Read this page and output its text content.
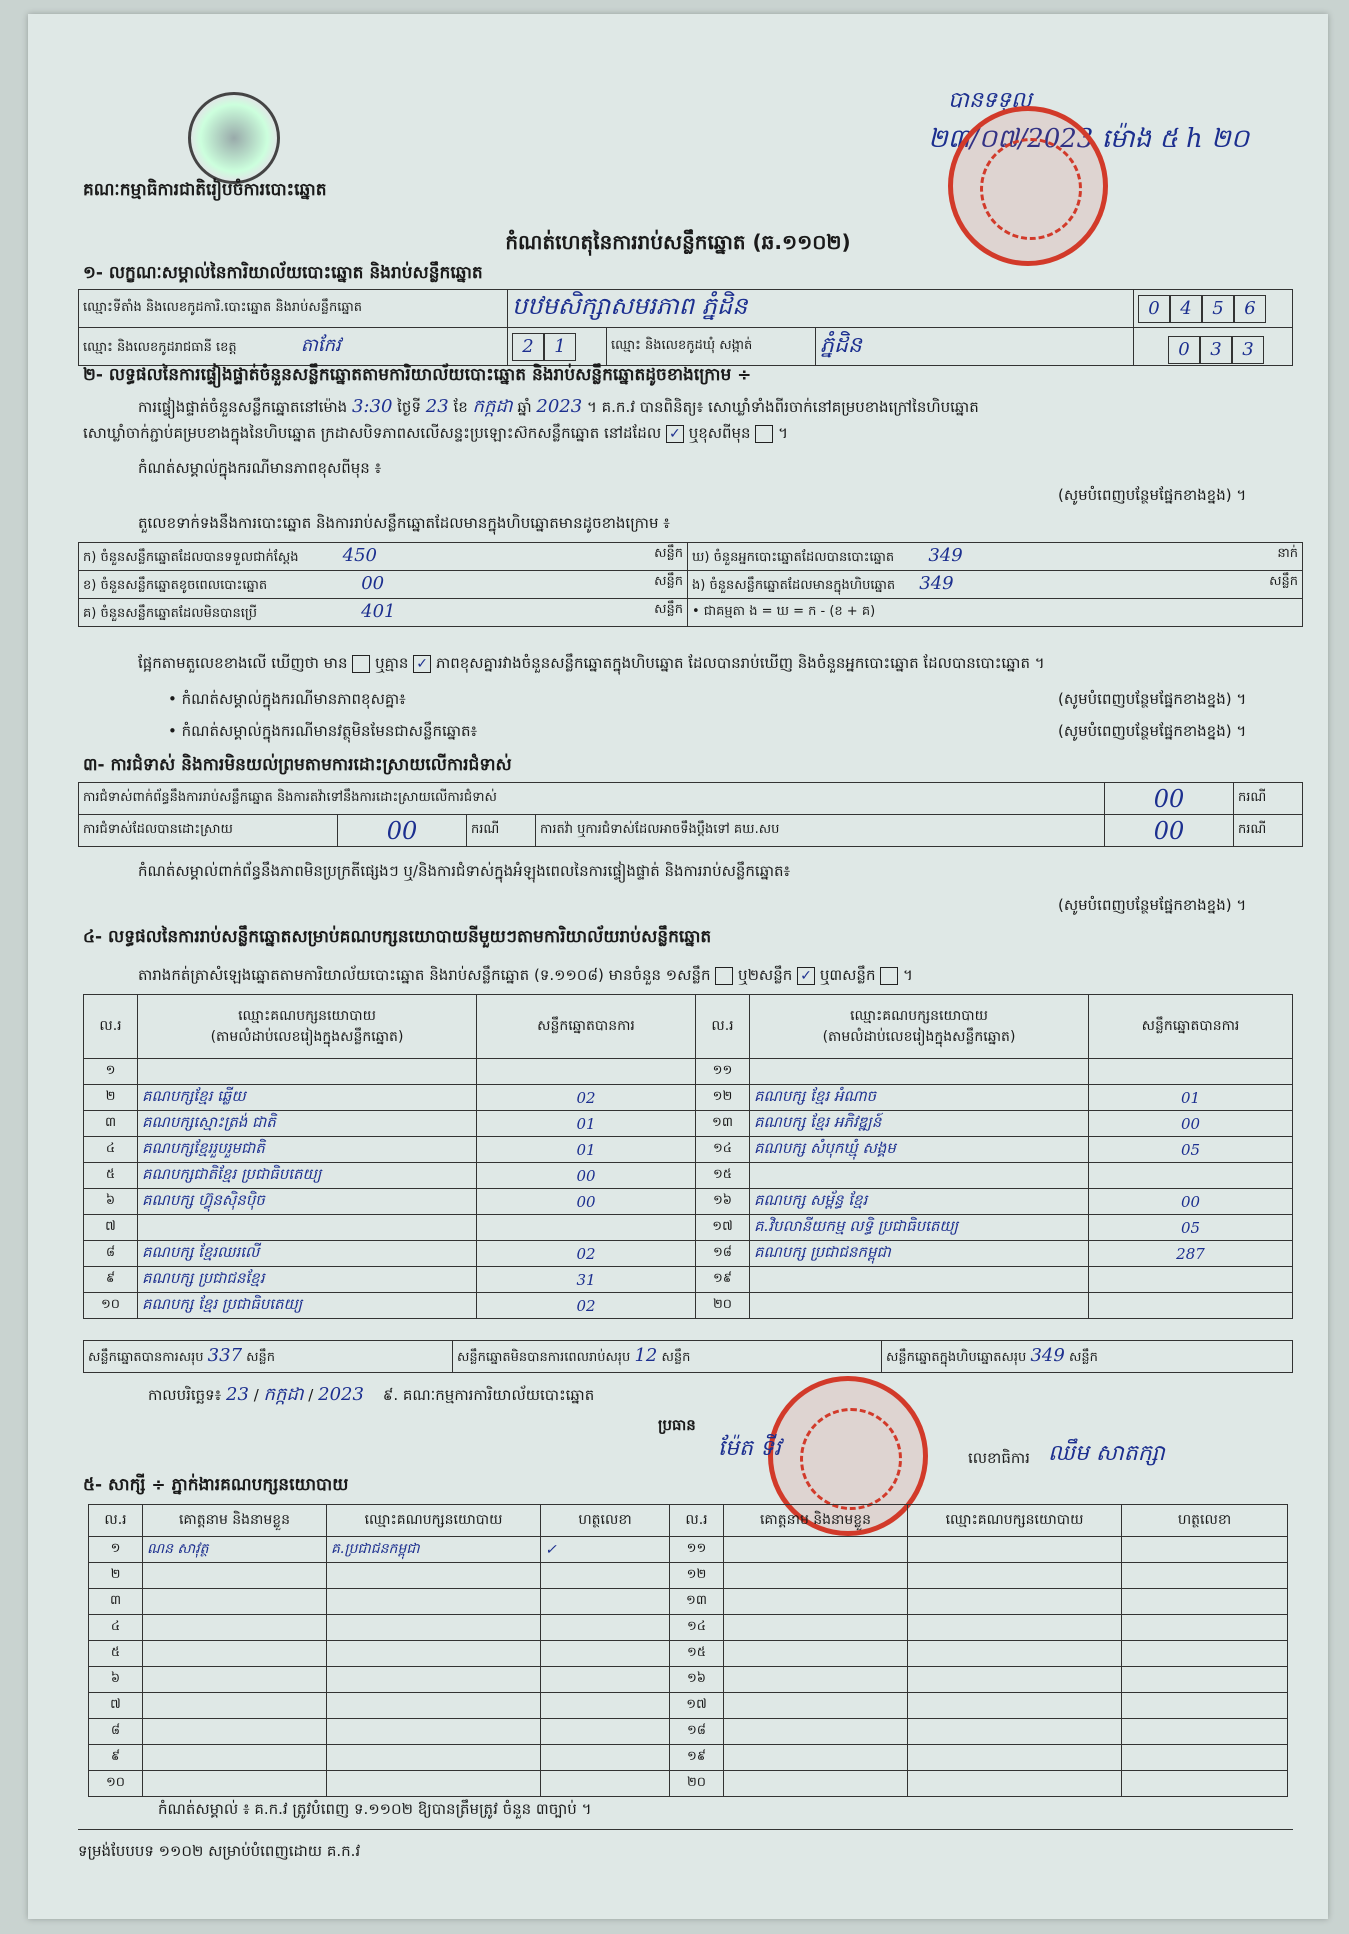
គណៈកម្មាធិការជាតិរៀបចំការបោះឆ្នោត
បានទទួល
២៣/០៧/2023 ម៉ោង ៥ h ២០
កំណត់ហេតុនៃការរាប់សន្លឹកឆ្នោត (ឆ.១១០២)
១- លក្ខណៈសម្គាល់នៃការិយាល័យបោះឆ្នោត និងរាប់សន្លឹកឆ្នោត
ឈ្មោះទីតាំង និងលេខកូដការិ.បោះឆ្នោត និងរាប់សន្លឹកឆ្នោត	បឋមសិក្សាសមរភាព ភ្នំដិន			0 4 5 6
ឈ្មោះ និងលេខកូដរាជធានី ខេត្ត តាកែវ	2 1	ឈ្មោះ និងលេខកូដឃុំ សង្កាត់	ភ្នំដិន	0 3 3
២- លទ្ធផលនៃការផ្ទៀងផ្ទាត់ចំនួនសន្លឹកឆ្នោតតាមការិយាល័យបោះឆ្នោត និងរាប់សន្លឹកឆ្នោតដូចខាងក្រោម ÷
ការផ្ទៀងផ្ទាត់ចំនួនសន្លឹកឆ្នោតនៅម៉ោង 3:30 ថ្ងៃទី 23 ខែ កក្កដា ឆ្នាំ 2023 ។ គ.ក.វ បានពិនិត្យ៖ សោឃ្លាំទាំងពីរចាក់នៅគម្របខាងក្រៅនៃហិបឆ្នោត
សោឃ្លាំចាក់ភ្ជាប់គម្របខាងក្នុងនៃហិបឆ្នោត ក្រដាសបិទភាពសលើសន្ទះប្រឡោះស៊កសន្លឹកឆ្នោត នៅដដែល ✓ ឬខុសពីមុន  ។
កំណត់សម្គាល់ក្នុងករណីមានភាពខុសពីមុន ៖
(សូមបំពេញបន្ថែមផ្នែកខាងខ្នង) ។
តួលេខទាក់ទងនឹងការបោះឆ្នោត និងការរាប់សន្លឹកឆ្នោតដែលមានក្នុងហិបឆ្នោតមានដូចខាងក្រោម ៖
ក) ចំនួនសន្លឹកឆ្នោតដែលបានទទួលជាក់ស្តែង 450 សន្លឹក	ឃ) ចំនួនអ្នកបោះឆ្នោតដែលបានបោះឆ្នោត 349 នាក់

ខ) ចំនួនសន្លឹកឆ្នោតខូចពេលបោះឆ្នោត 00 សន្លឹក	ង) ចំនួនសន្លឹកឆ្នោតដែលមានក្នុងហិបឆ្នោត 349 សន្លឹក

គ) ចំនួនសន្លឹកឆ្នោតដែលមិនបានប្រើ 401 សន្លឹក	• ជាគម្មតា ង = ឃ = ក - (ខ + គ)
ផ្អែកតាមតួលេខខាងលើ ឃើញថា មាន ឬគ្មាន ✓ ភាពខុសគ្នារវាងចំនួនសន្លឹកឆ្នោតក្នុងហិបឆ្នោត ដែលបានរាប់ឃើញ និងចំនួនអ្នកបោះឆ្នោត ដែលបានបោះឆ្នោត ។
• កំណត់សម្គាល់ក្នុងករណីមានភាពខុសគ្នា៖	(សូមបំពេញបន្ថែមផ្នែកខាងខ្នង) ។
• កំណត់សម្គាល់ក្នុងករណីមានវត្ថុមិនមែនជាសន្លឹកឆ្នោត៖	(សូមបំពេញបន្ថែមផ្នែកខាងខ្នង) ។
៣- ការជំទាស់ និងការមិនយល់ព្រមតាមការដោះស្រាយលើការជំទាស់
ការជំទាស់ពាក់ព័ន្ធនឹងការរាប់សន្លឹកឆ្នោត និងការតវ៉ាទៅនឹងការដោះស្រាយលើការជំទាស់				00	ករណី
ការជំទាស់ដែលបានដោះស្រាយ	00	ករណី	ការតវ៉ា ឬការជំទាស់ដែលអាចទឹងប្តឹងទៅ គឃ.សប	00	ករណី
កំណត់សម្គាល់ពាក់ព័ន្ធនឹងភាពមិនប្រក្រតីផ្សេងៗ ឬ/និងការជំទាស់ក្នុងអំឡុងពេលនៃការផ្ទៀងផ្ទាត់ និងការរាប់សន្លឹកឆ្នោត៖
(សូមបំពេញបន្ថែមផ្នែកខាងខ្នង) ។
៤- លទ្ធផលនៃការរាប់សន្លឹកឆ្នោតសម្រាប់គណបក្សនយោបាយនីមួយៗតាមការិយាល័យរាប់សន្លឹកឆ្នោត
តារាងកត់ត្រាសំឡេងឆ្នោតតាមការិយាល័យបោះឆ្នោត និងរាប់សន្លឹកឆ្នោត (ទ.១១០៨) មានចំនួន ១សន្លឹក ឬ២សន្លឹក ✓ ឬ៣សន្លឹក  ។
ល.រ	ឈ្មោះគណបក្សនយោបាយ
(តាមលំដាប់លេខរៀងក្នុងសន្លឹកឆ្នោត)	សន្លឹកឆ្នោតបានការ	ល.រ	ឈ្មោះគណបក្សនយោបាយ
(តាមលំដាប់លេខរៀងក្នុងសន្លឹកឆ្នោត)	សន្លឹកឆ្នោតបានការ
១			១១		
២	គណបក្សខ្មែរ ឆ្លើយ	02	១២	គណបក្ស ខ្មែរ អំណាច	01
៣	គណបក្សស្មោះត្រង់ ជាតិ	01	១៣	គណបក្ស ខ្មែរ អភិវឌ្ឍន៍	00
៤	គណបក្សខ្មែររួបរួមជាតិ	01	១៤	គណបក្ស សំបុកឃ្មុំ សង្គម	05
៥	គណបក្សជាតិខ្មែរ ប្រជាធិបតេយ្យ	00	១៥		
៦	គណបក្ស ហ៊្វុនស៊ិនប៉ិច	00	១៦	គណបក្ស សម្ព័ន្ធ ខ្មែរ	00
៧			១៧	គ.វិបលានីយកម្ម លទ្ធិ ប្រជាធិបតេយ្យ	05
៨	គណបក្ស ខ្មែរឈរលើ	02	១៨	គណបក្ស ប្រជាជនកម្ពុជា	287
៩	គណបក្ស ប្រជាជនខ្មែរ	31	១៩		
១០	គណបក្ស ខ្មែរ ប្រជាធិបតេយ្យ	02	២០		
សន្លឹកឆ្នោតបានការសរុប 337 សន្លឹក	សន្លឹកឆ្នោតមិនបានការពេលរាប់សរុប 12 សន្លឹក	សន្លឹកឆ្នោតក្នុងហិបឆ្នោតសរុប 349 សន្លឹក
កាលបរិច្ឆេទ៖ 23 / កក្កដា / 2023 ៩. គណៈកម្មការការិយាល័យបោះឆ្នោត
ប្រធាន
ម៉ែត ទីវ	លេខាធិការ ឈឹម សាតក្សា
៥- សាក្សី ÷ ភ្នាក់ងារគណបក្សនយោបាយ
ល.រ	គោត្តនាម និងនាមខ្លួន	ឈ្មោះគណបក្សនយោបាយ	ហត្ថលេខា	ល.រ	គោត្តនាម និងនាមខ្លួន	ឈ្មោះគណបក្សនយោបាយ	ហត្ថលេខា
១	ណន សាវុត្ថ	គ.ប្រជាជនកម្ពុជា	✓	១១			
២				១២			
៣				១៣			
៤				១៤			
៥				១៥			
៦				១៦			
៧				១៧			
៨				១៨			
៩				១៩			
១០				២០			
កំណត់សម្គាល់ ៖ គ.ក.វ ត្រូវបំពេញ ទ.១១០២ ឱ្យបានត្រឹមត្រូវ ចំនួន ៣ច្បាប់ ។
ទម្រង់បែបបទ ១១០២ សម្រាប់បំពេញដោយ គ.ក.វ
